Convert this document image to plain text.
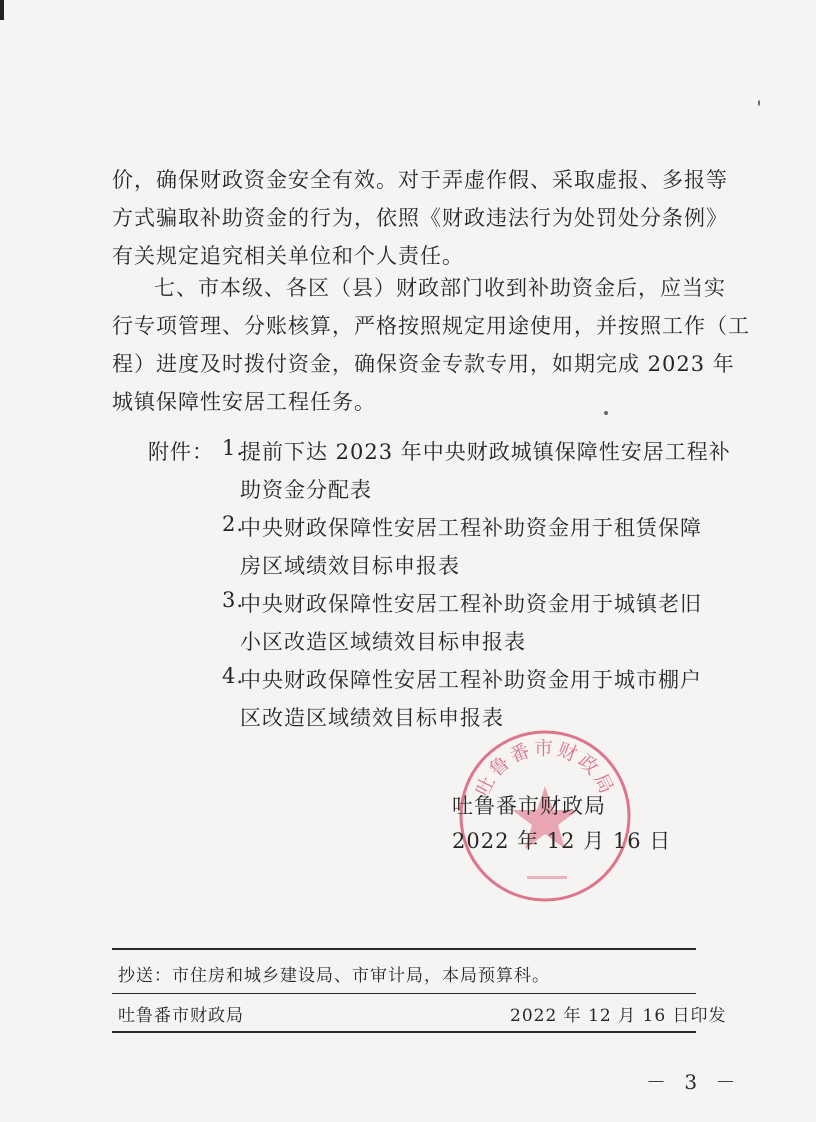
价，确保财政资金安全有效。对于弄虚作假、采取虚报、多报等
方式骗取补助资金的行为，依照《财政违法行为处罚处分条例》
有关规定追究相关单位和个人责任。
七、市本级、各区（县）财政部门收到补助资金后，应当实
行专项管理、分账核算，严格按照规定用途使用，并按照工作（工
程）进度及时拨付资金，确保资金专款专用，如期完成 2023 年
城镇保障性安居工程任务。
附件： 1.
提前下达 2023 年中央财政城镇保障性安居工程补
助资金分配表
2.
中央财政保障性安居工程补助资金用于租赁保障
房区域绩效目标申报表
3.
中央财政保障性安居工程补助资金用于城镇老旧
小区改造区域绩效目标申报表
4.
中央财政保障性安居工程补助资金用于城市棚户
区改造区域绩效目标申报表
吐鲁番市财政局
吐鲁番市财政局
2022 年 12 月 16 日
抄送：市住房和城乡建设局、市审计局，本局预算科。
吐鲁番市财政局	2022 年 12 月 16 日印发
－ 3 －
